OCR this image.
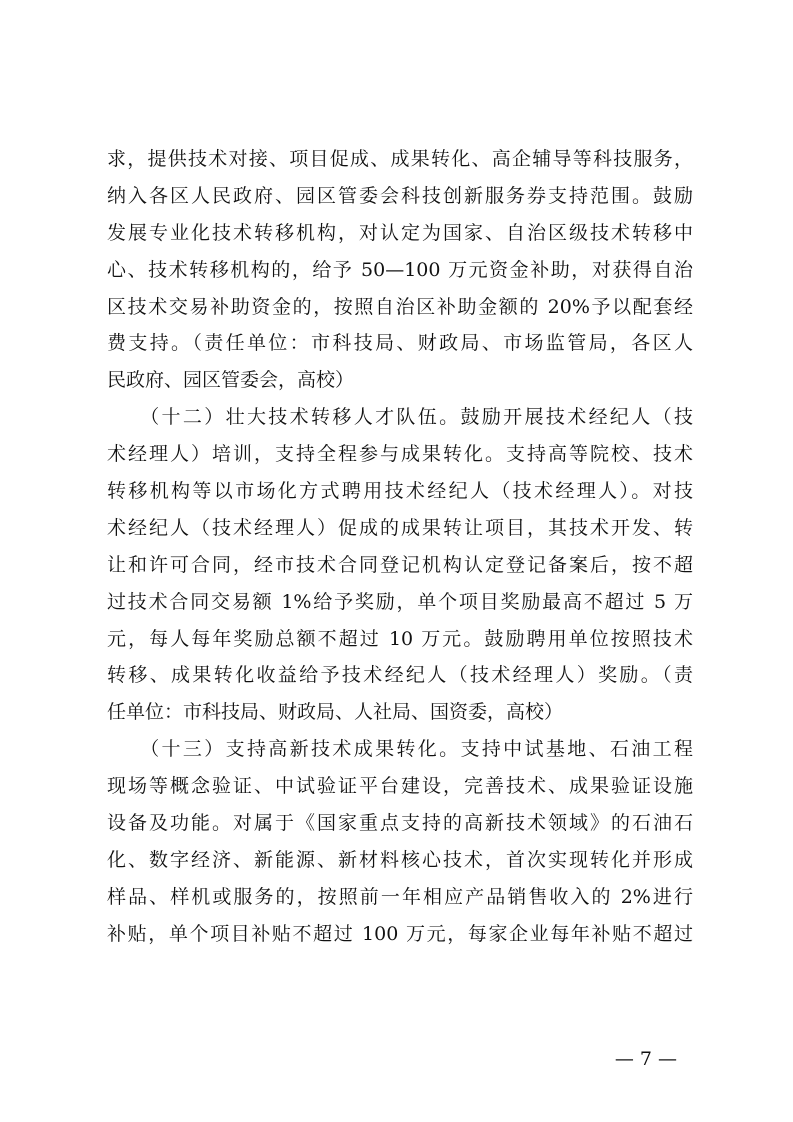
求，提供技术对接、项目促成、成果转化、高企辅导等科技服务，
纳入各区人民政府、园区管委会科技创新服务券支持范围。鼓励
发展专业化技术转移机构，对认定为国家、自治区级技术转移中
心、技术转移机构的，给予 50—100 万元资金补助，对获得自治
区技术交易补助资金的，按照自治区补助金额的 20%予以配套经
费支持。（责任单位：市科技局、财政局、市场监管局，各区人
民政府、园区管委会，高校）
　　（十二）壮大技术转移人才队伍。鼓励开展技术经纪人（技
术经理人）培训，支持全程参与成果转化。支持高等院校、技术
转移机构等以市场化方式聘用技术经纪人（技术经理人）。对技
术经纪人（技术经理人）促成的成果转让项目，其技术开发、转
让和许可合同，经市技术合同登记机构认定登记备案后，按不超
过技术合同交易额 1%给予奖励，单个项目奖励最高不超过 5 万
元，每人每年奖励总额不超过 10 万元。鼓励聘用单位按照技术
转移、成果转化收益给予技术经纪人（技术经理人）奖励。（责
任单位：市科技局、财政局、人社局、国资委，高校）
　　（十三）支持高新技术成果转化。支持中试基地、石油工程
现场等概念验证、中试验证平台建设，完善技术、成果验证设施
设备及功能。对属于《国家重点支持的高新技术领域》的石油石
化、数字经济、新能源、新材料核心技术，首次实现转化并形成
样品、样机或服务的，按照前一年相应产品销售收入的 2%进行
补贴，单个项目补贴不超过 100 万元，每家企业每年补贴不超过
— 7 —
